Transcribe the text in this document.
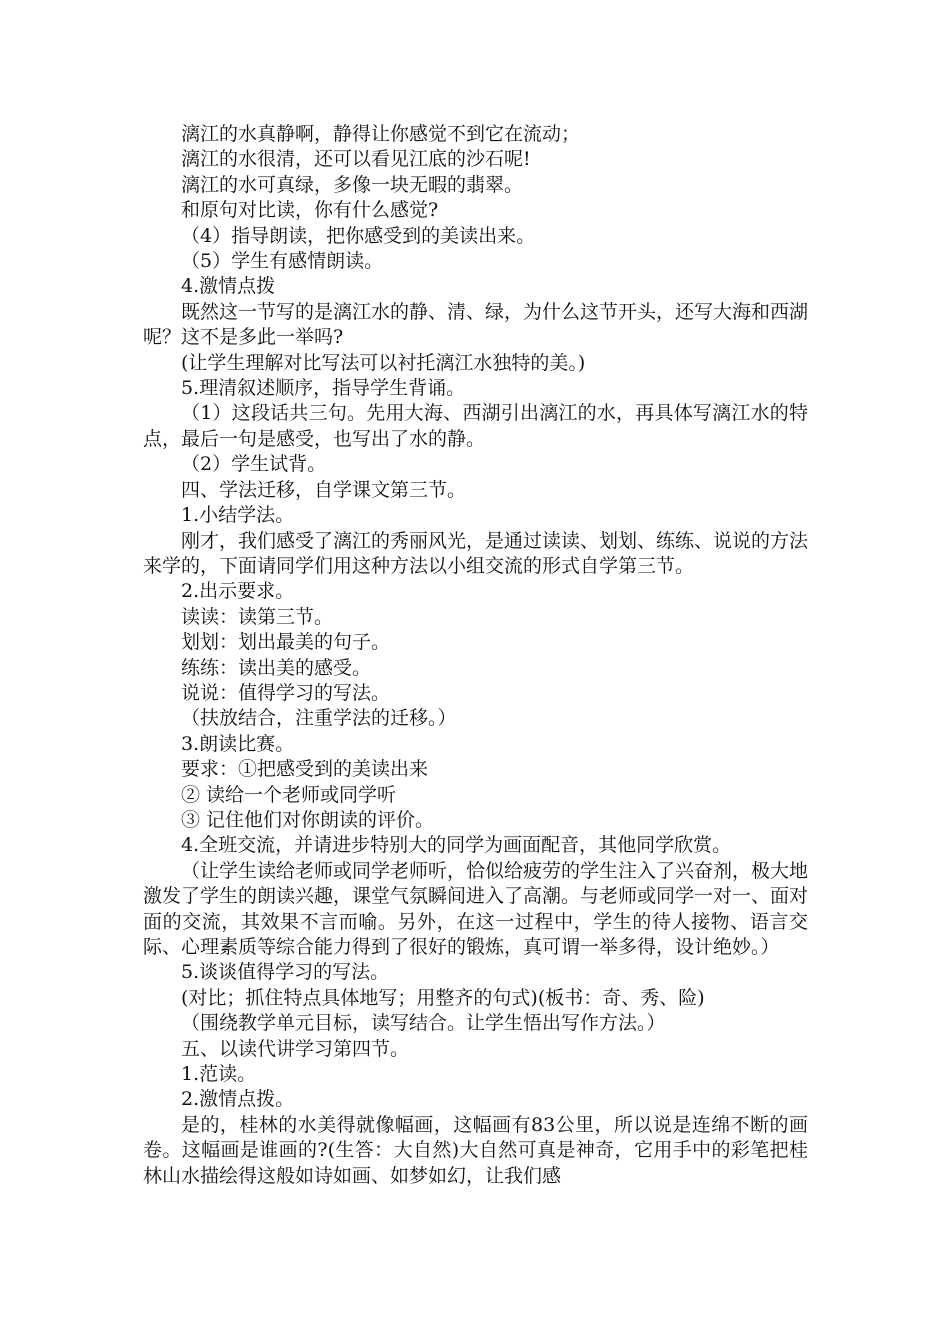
漓江的水真静啊，静得让你感觉不到它在流动；

漓江的水很清，还可以看见江底的沙石呢!

漓江的水可真绿，多像一块无暇的翡翠。

和原句对比读，你有什么感觉?

（4）指导朗读，把你感受到的美读出来。

（5）学生有感情朗读。

4.激情点拨

既然这一节写的是漓江水的静、清、绿，为什么这节开头，还写大海和西湖呢？这不是多此一举吗?

(让学生理解对比写法可以衬托漓江水独特的美。)

5.理清叙述顺序，指导学生背诵。

（1）这段话共三句。先用大海、西湖引出漓江的水，再具体写漓江水的特点，最后一句是感受，也写出了水的静。

（2）学生试背。

四、学法迁移，自学课文第三节。

1.小结学法。

刚才，我们感受了漓江的秀丽风光，是通过读读、划划、练练、说说的方法来学的，下面请同学们用这种方法以小组交流的形式自学第三节。

2.出示要求。

读读：读第三节。

划划：划出最美的句子。

练练：读出美的感受。

说说：值得学习的写法。

（扶放结合，注重学法的迁移。）

3.朗读比赛。

要求：①把感受到的美读出来

② 读给一个老师或同学听

③ 记住他们对你朗读的评价。

4.全班交流，并请进步特别大的同学为画面配音，其他同学欣赏。

（让学生读给老师或同学老师听，恰似给疲劳的学生注入了兴奋剂，极大地激发了学生的朗读兴趣，课堂气氛瞬间进入了高潮。与老师或同学一对一、面对面的交流，其效果不言而喻。另外，在这一过程中，学生的待人接物、语言交际、心理素质等综合能力得到了很好的锻炼，真可谓一举多得，设计绝妙。）

5.谈谈值得学习的写法。

(对比；抓住特点具体地写；用整齐的句式)(板书：奇、秀、险)

（围绕教学单元目标，读写结合。让学生悟出写作方法。）

五、以读代讲学习第四节。

1.范读。

2.激情点拨。

是的，桂林的水美得就像幅画，这幅画有83公里，所以说是连绵不断的画卷。这幅画是谁画的?(生答：大自然)大自然可真是神奇，它用手中的彩笔把桂林山水描绘得这般如诗如画、如梦如幻，让我们感
